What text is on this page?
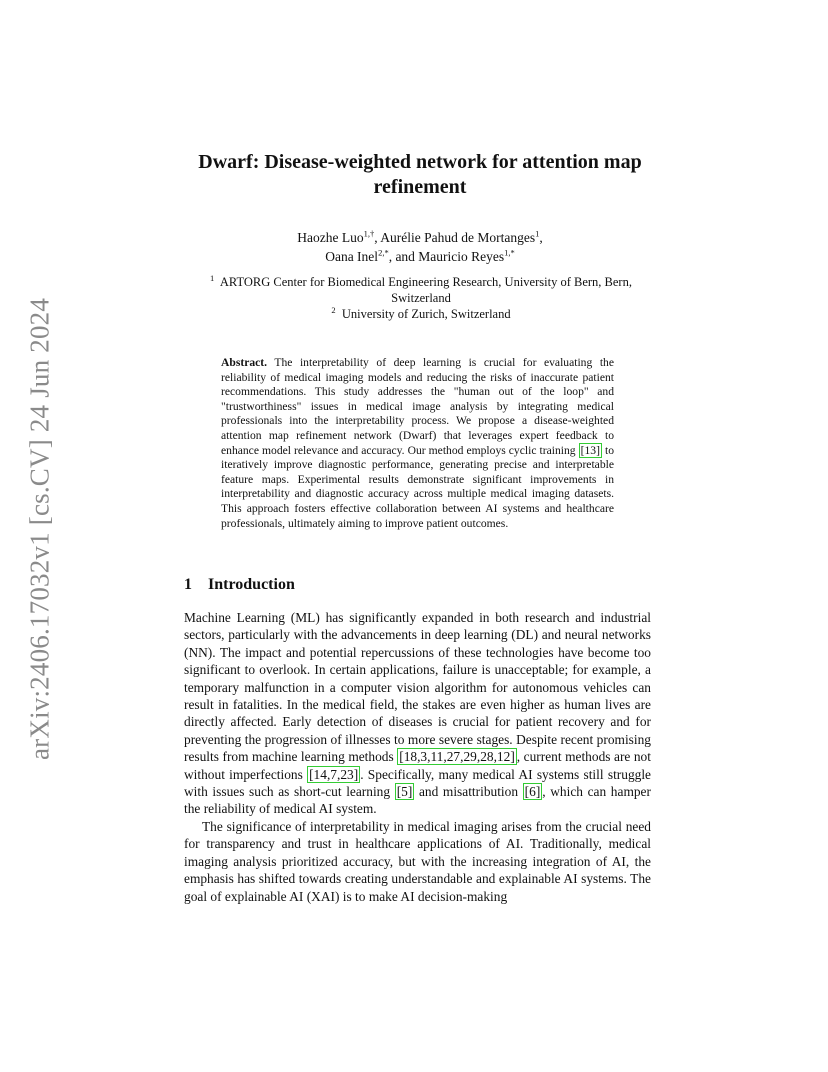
arXiv:2406.17032v1 [cs.CV] 24 Jun 2024
Dwarf: Disease-weighted network for attention map refinement
Haozhe Luo$^{1,\dagger}$, Aurélie Pahud de Mortanges$^1$,
Oana Inel$^{2,*}$, and Mauricio Reyes$^{1,*}$
$^1$ ARTORG Center for Biomedical Engineering Research, University of Bern, Bern, Switzerland
$^2$ University of Zurich, Switzerland
Abstract. The interpretability of deep learning is crucial for evaluating the reliability of medical imaging models and reducing the risks of inaccurate patient recommendations. This study addresses the "human out of the loop" and "trustworthiness" issues in medical image analysis by integrating medical professionals into the interpretability process. We propose a disease-weighted attention map refinement network (Dwarf) that leverages expert feedback to enhance model relevance and accuracy. Our method employs cyclic training [13] to iteratively improve diagnostic performance, generating precise and interpretable feature maps. Experimental results demonstrate significant improvements in interpretability and diagnostic accuracy across multiple medical imaging datasets. This approach fosters effective collaboration between AI systems and healthcare professionals, ultimately aiming to improve patient outcomes.
1 Introduction

Machine Learning (ML) has significantly expanded in both research and industrial sectors, particularly with the advancements in deep learning (DL) and neural networks (NN). The impact and potential repercussions of these technologies have become too significant to overlook. In certain applications, failure is unacceptable; for example, a temporary malfunction in a computer vision algorithm for autonomous vehicles can result in fatalities. In the medical field, the stakes are even higher as human lives are directly affected. Early detection of diseases is crucial for patient recovery and for preventing the progression of illnesses to more severe stages. Despite recent promising results from machine learning methods [18,3,11,27,29,28,12] , current methods are not without imperfections [14,7,23] . Specifically, many medical AI systems still struggle with issues such as short-cut learning [5] and misattribution [6] , which can hamper the reliability of medical AI system.

The significance of interpretability in medical imaging arises from the crucial need for transparency and trust in healthcare applications of AI. Traditionally, medical imaging analysis prioritized accuracy, but with the increasing integration of AI, the emphasis has shifted towards creating understandable and explainable AI systems. The goal of explainable AI (XAI) is to make AI decision-making
